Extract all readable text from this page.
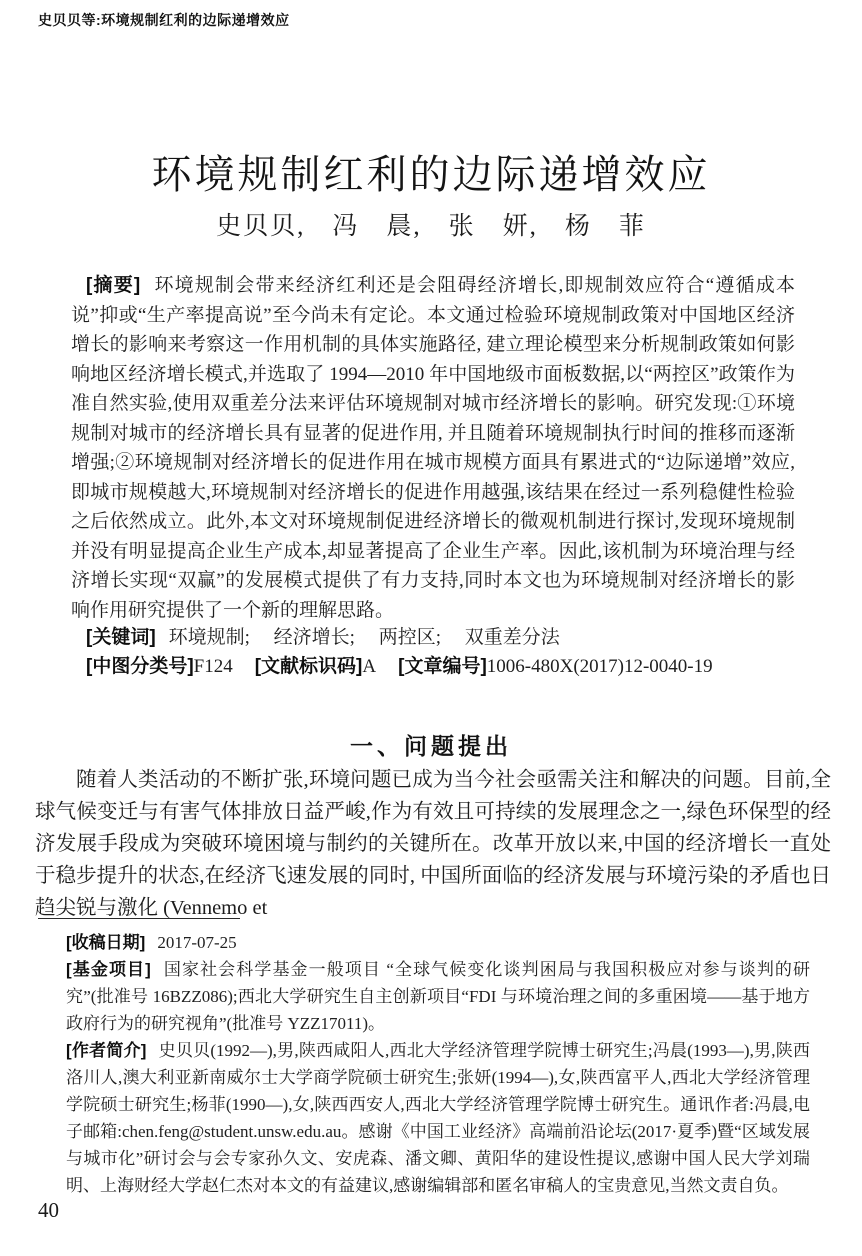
史贝贝等:环境规制红利的边际递增效应
环境规制红利的边际递增效应
史贝贝,　冯　晨,　张　妍,　杨　菲

[摘要] 环境规制会带来经济红利还是会阻碍经济增长,即规制效应符合“遵循成本说”抑或“生产率提高说”至今尚未有定论。本文通过检验环境规制政策对中国地区经济增长的影响来考察这一作用机制的具体实施路径, 建立理论模型来分析规制政策如何影响地区经济增长模式,并选取了 1994—2010 年中国地级市面板数据,以“两控区”政策作为准自然实验,使用双重差分法来评估环境规制对城市经济增长的影响。研究发现:①环境规制对城市的经济增长具有显著的促进作用, 并且随着环境规制执行时间的推移而逐渐增强;②环境规制对经济增长的促进作用在城市规模方面具有累进式的“边际递增”效应,即城市规模越大,环境规制对经济增长的促进作用越强,该结果在经过一系列稳健性检验之后依然成立。此外,本文对环境规制促进经济增长的微观机制进行探讨,发现环境规制并没有明显提高企业生产成本,却显著提高了企业生产率。因此,该机制为环境治理与经济增长实现“双赢”的发展模式提供了有力支持,同时本文也为环境规制对经济增长的影响作用研究提供了一个新的理解思路。

[关键词] 环境规制;　 经济增长;　 两控区;　 双重差分法
[中图分类号]F124 [文献标识码]A [文章编号]1006-480X(2017)12-0040-19
一、问题提出
随着人类活动的不断扩张,环境问题已成为当今社会亟需关注和解决的问题。目前,全球气候变迁与有害气体排放日益严峻,作为有效且可持续的发展理念之一,绿色环保型的经济发展手段成为突破环境困境与制约的关键所在。改革开放以来,中国的经济增长一直处于稳步提升的状态,在经济飞速发展的同时, 中国所面临的经济发展与环境污染的矛盾也日趋尖锐与激化 (Vennemo et

[收稿日期] 2017-07-25

[基金项目] 国家社会科学基金一般项目 “全球气候变化谈判困局与我国积极应对参与谈判的研究”(批准号 16BZZ086);西北大学研究生自主创新项目“FDI 与环境治理之间的多重困境——基于地方政府行为的研究视角”(批准号 YZZ17011)。

[作者简介] 史贝贝(1992—),男,陕西咸阳人,西北大学经济管理学院博士研究生;冯晨(1993—),男,陕西洛川人,澳大利亚新南威尔士大学商学院硕士研究生;张妍(1994—),女,陕西富平人,西北大学经济管理学院硕士研究生;杨菲(1990—),女,陕西西安人,西北大学经济管理学院博士研究生。通讯作者:冯晨,电子邮箱:chen.feng@student.unsw.edu.au。感谢《中国工业经济》高端前沿论坛(2017·夏季)暨“区域发展与城市化”研讨会与会专家孙久文、安虎森、潘文卿、黄阳华的建设性提议,感谢中国人民大学刘瑞明、上海财经大学赵仁杰对本文的有益建议,感谢编辑部和匿名审稿人的宝贵意见,当然文责自负。

40
